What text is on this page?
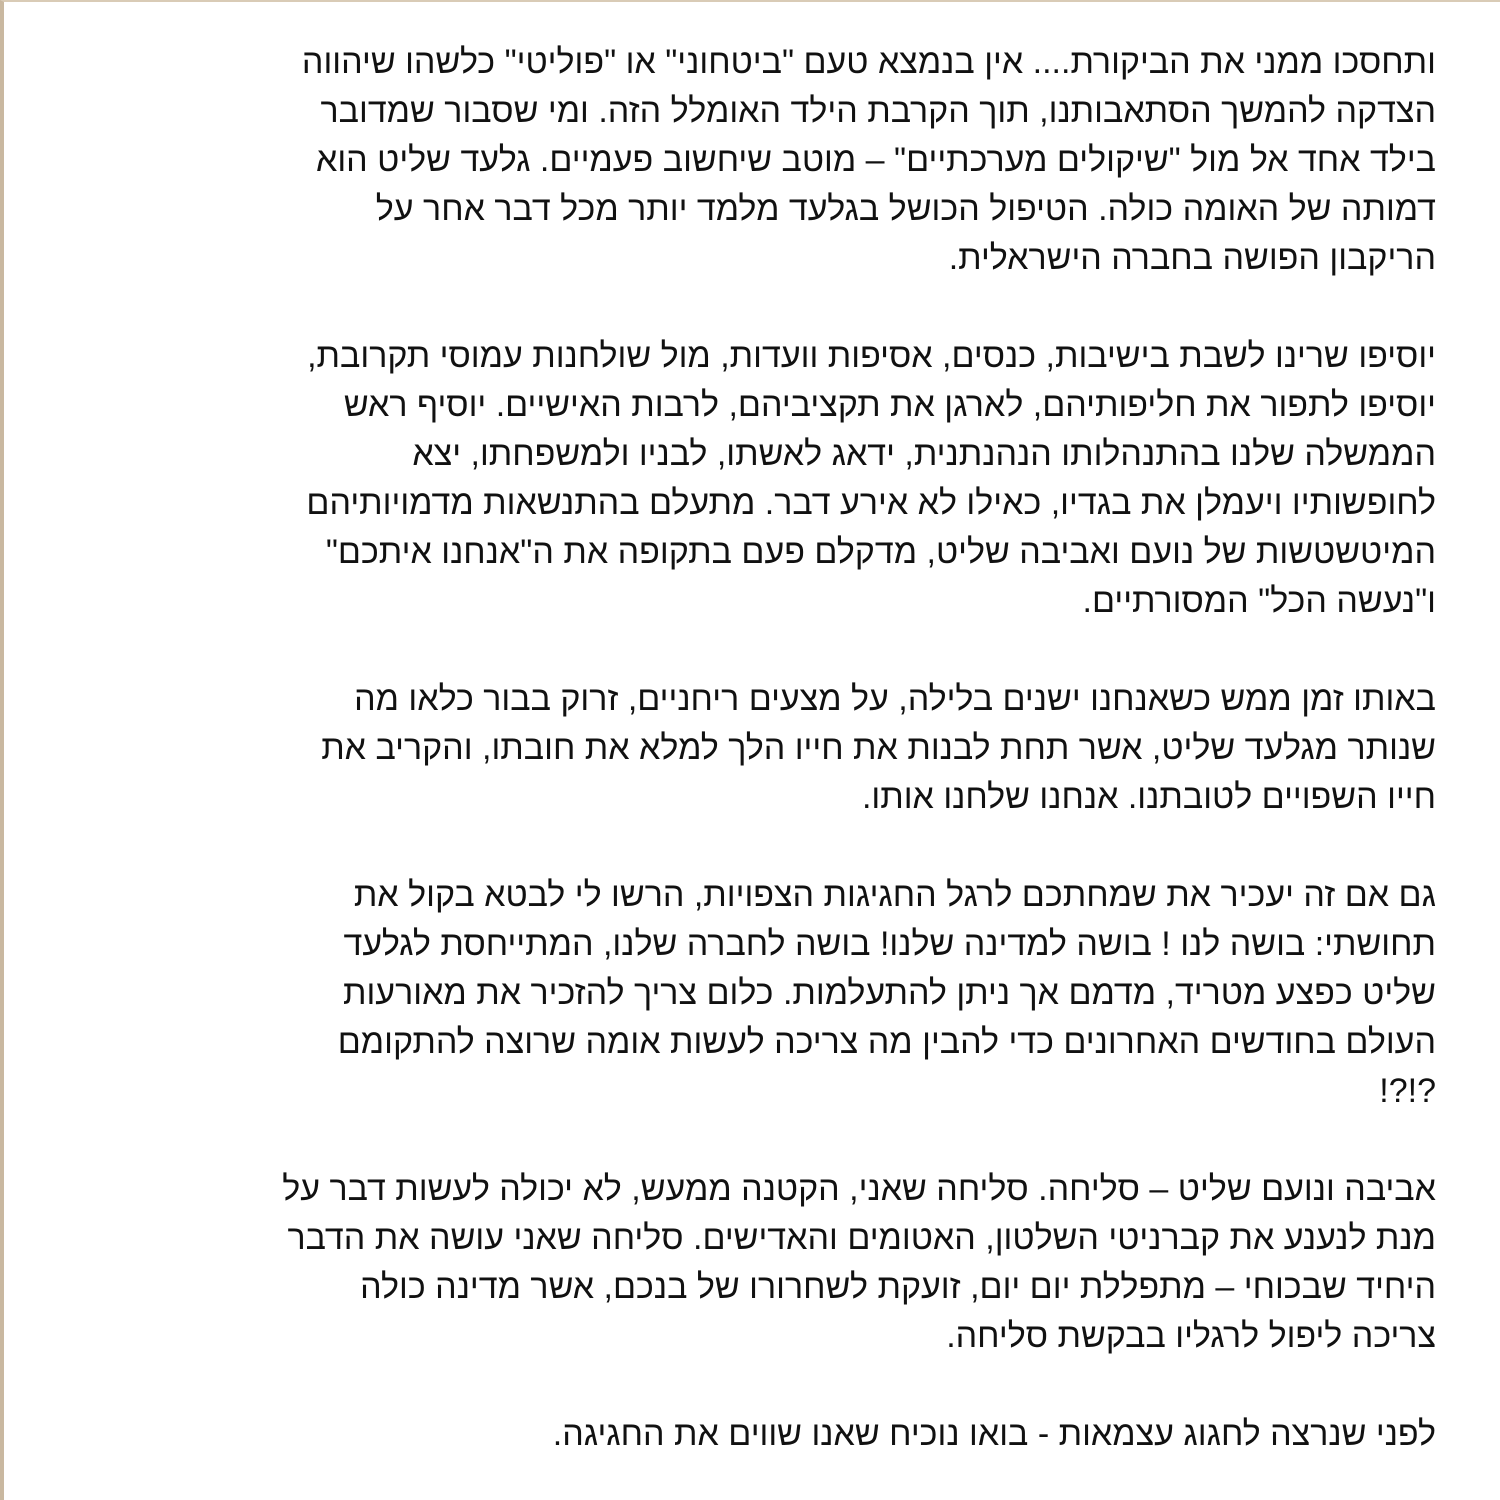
ותחסכו ממני את הביקורת.... אין בנמצא טעם "ביטחוני" או "פוליטי" כלשהו שיהווה
הצדקה להמשך הסתאבותנו, תוך הקרבת הילד האומלל הזה. ומי שסבור שמדובר
בילד אחד אל מול "שיקולים מערכתיים" – מוטב שיחשוב פעמיים. גלעד שליט הוא
דמותה של האומה כולה. הטיפול הכושל בגלעד מלמד יותר מכל דבר אחר על
הריקבון הפושה בחברה הישראלית.

יוסיפו שרינו לשבת בישיבות, כנסים, אסיפות וועדות, מול שולחנות עמוסי תקרובת,
יוסיפו לתפור את חליפותיהם, לארגן את תקציביהם, לרבות האישיים. יוסיף ראש
הממשלה שלנו בהתנהלותו הנהנתנית, ידאג לאשתו, לבניו ולמשפחתו, יצא
לחופשותיו ויעמלן את בגדיו, כאילו לא אירע דבר. מתעלם בהתנשאות מדמויותיהם
המיטשטשות של נועם ואביבה שליט, מדקלם פעם בתקופה את ה"אנחנו איתכם"
ו"נעשה הכל" המסורתיים.

באותו זמן ממש כשאנחנו ישנים בלילה, על מצעים ריחניים, זרוק בבור כלאו מה
שנותר מגלעד שליט, אשר תחת לבנות את חייו הלך למלא את חובתו, והקריב את
חייו השפויים לטובתנו. אנחנו שלחנו אותו.

גם אם זה יעכיר את שמחתכם לרגל החגיגות הצפויות, הרשו לי לבטא בקול את
תחושתי: בושה לנו ! בושה למדינה שלנו! בושה לחברה שלנו, המתייחסת לגלעד
שליט כפצע מטריד, מדמם אך ניתן להתעלמות. כלום צריך להזכיר את מאורעות
העולם בחודשים האחרונים כדי להבין מה צריכה לעשות אומה שרוצה להתקומם
?!?!

אביבה ונועם שליט – סליחה. סליחה שאני, הקטנה ממעש, לא יכולה לעשות דבר על
מנת לנענע את קברניטי השלטון, האטומים והאדישים. סליחה שאני עושה את הדבר
היחיד שבכוחי – מתפללת יום יום, זועקת לשחרורו של בנכם, אשר מדינה כולה
צריכה ליפול לרגליו בבקשת סליחה.

לפני שנרצה לחגוג עצמאות - בואו נוכיח שאנו שווים את החגיגה.
